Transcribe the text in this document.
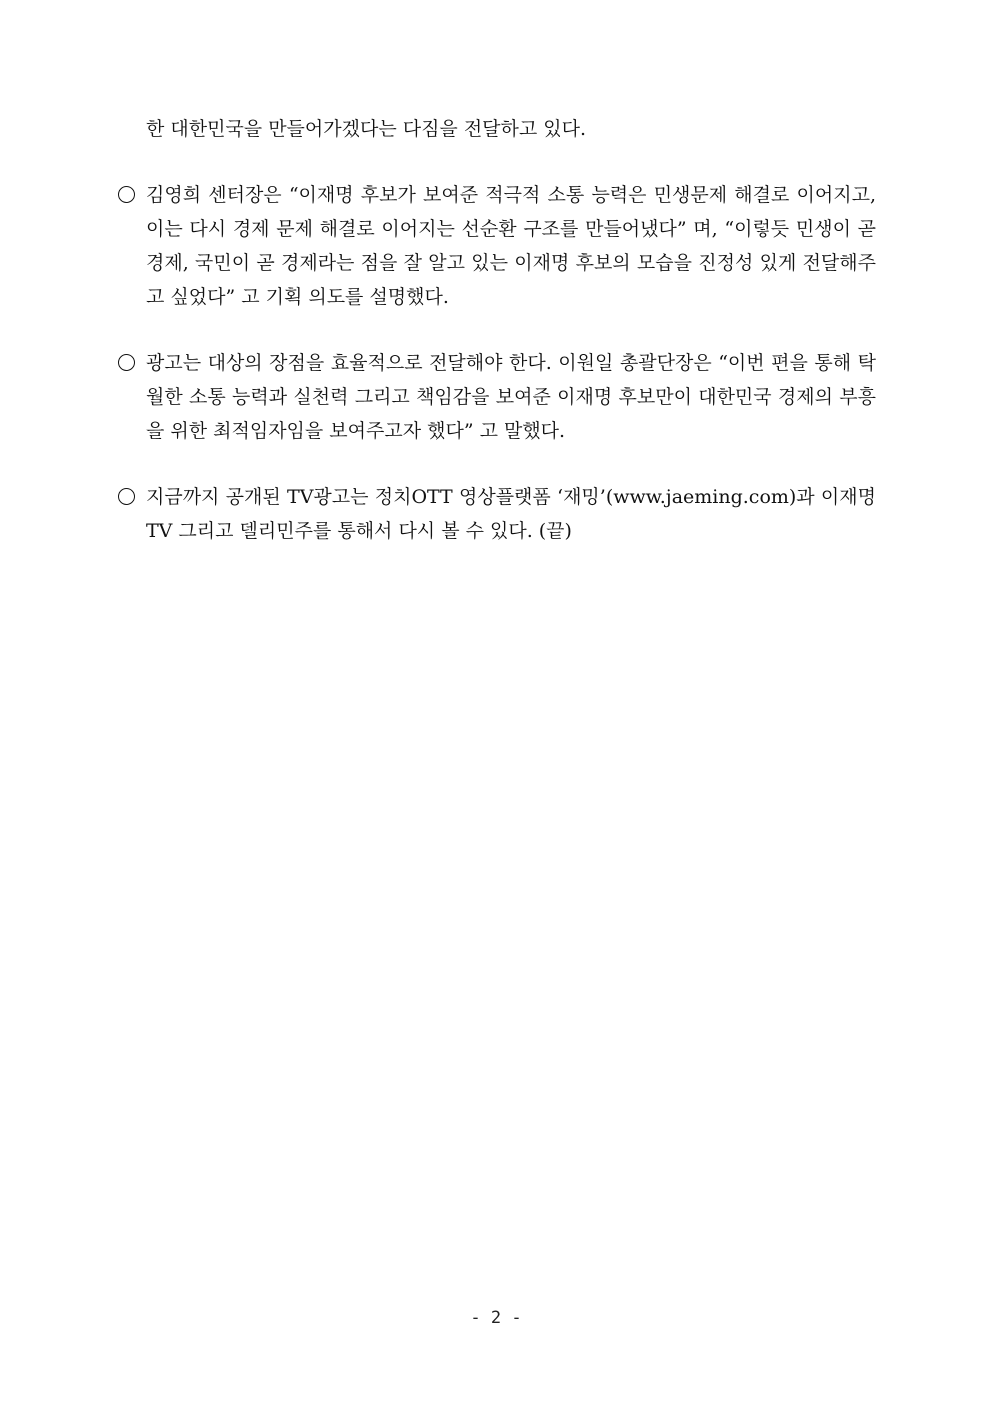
한 대한민국을 만들어가겠다는 다짐을 전달하고 있다.

김영희 센터장은 “이재명 후보가 보여준 적극적 소통 능력은 민생문제 해결로 이어지고, 이는 다시 경제 문제 해결로 이어지는 선순환 구조를 만들어냈다” 며, “이렇듯 민생이 곧 경제, 국민이 곧 경제라는 점을 잘 알고 있는 이재명 후보의 모습을 진정성 있게 전달해주고 싶었다” 고 기획 의도를 설명했다.
광고는 대상의 장점을 효율적으로 전달해야 한다. 이원일 총괄단장은 “이번 편을 통해 탁월한 소통 능력과 실천력 그리고 책임감을 보여준 이재명 후보만이 대한민국 경제의 부흥을 위한 최적임자임을 보여주고자 했다” 고 말했다.
지금까지 공개된 TV광고는 정치OTT 영상플랫폼 ‘재밍’(www.jaeming.com)과 이재명TV 그리고 델리민주를 통해서 다시 볼 수 있다. (끝)
- 2 -
